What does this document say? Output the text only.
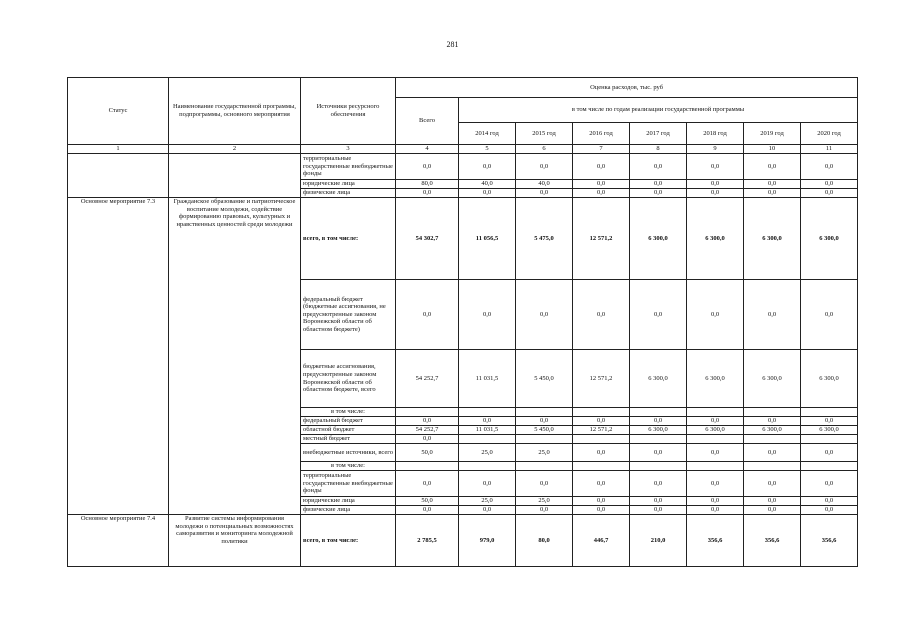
281
Статус	Наименование государственной программы, подпрограммы, основного мероприятия	Источники ресурсного обеспечения	Оценка расходов, тыс. руб							
			Всего	в том числе по годам реализации государственной программы						
				2014 год	2015 год	2016 год	2017 год	2018 год	2019 год	2020 год
1	2	3	4	5	6	7	8	9	10	11
		территориальные государственные внебюджетные фонды	0,0	0,0	0,0	0,0	0,0	0,0	0,0	0,0
		юридические лица	80,0	40,0	40,0	0,0	0,0	0,0	0,0	0,0
		физические лица	0,0	0,0	0,0	0,0	0,0	0,0	0,0	0,0
Основное мероприятие 7.3	Гражданское образование и патриотическое воспитание молодежи, содействие формированию правовых, культурных и нравственных ценностей среди молодежи	всего, в том числе:	54 302,7	11 056,5	5 475,0	12 571,2	6 300,0	6 300,0	6 300,0	6 300,0
		федеральный бюджет (бюджетные ассигнования, не предусмотренные законом Воронежской области об областном бюджете)	0,0	0,0	0,0	0,0	0,0	0,0	0,0	0,0
		бюджетные ассигнования, предусмотренные законом Воронежской области об областном бюджете, всего	54 252,7	11 031,5	5 450,0	12 571,2	6 300,0	6 300,0	6 300,0	6 300,0
		в том числе:								
		федеральный бюджет	0,0	0,0	0,0	0,0	0,0	0,0	0,0	0,0
		областной бюджет	54 252,7	11 031,5	5 450,0	12 571,2	6 300,0	6 300,0	6 300,0	6 300,0
		местный бюджет	0,0							
		внебюджетные источники, всего	50,0	25,0	25,0	0,0	0,0	0,0	0,0	0,0
		в том числе:								
		территориальные государственные внебюджетные фонды	0,0	0,0	0,0	0,0	0,0	0,0	0,0	0,0
		юридические лица	50,0	25,0	25,0	0,0	0,0	0,0	0,0	0,0
		физические лица	0,0	0,0	0,0	0,0	0,0	0,0	0,0	0,0
Основное мероприятие 7.4	Развитие системы информирования молодежи о потенциальных возможностях саморазвития и мониторинга молодежной политики	всего, в том числе:	2 785,5	979,0	80,0	446,7	210,0	356,6	356,6	356,6
